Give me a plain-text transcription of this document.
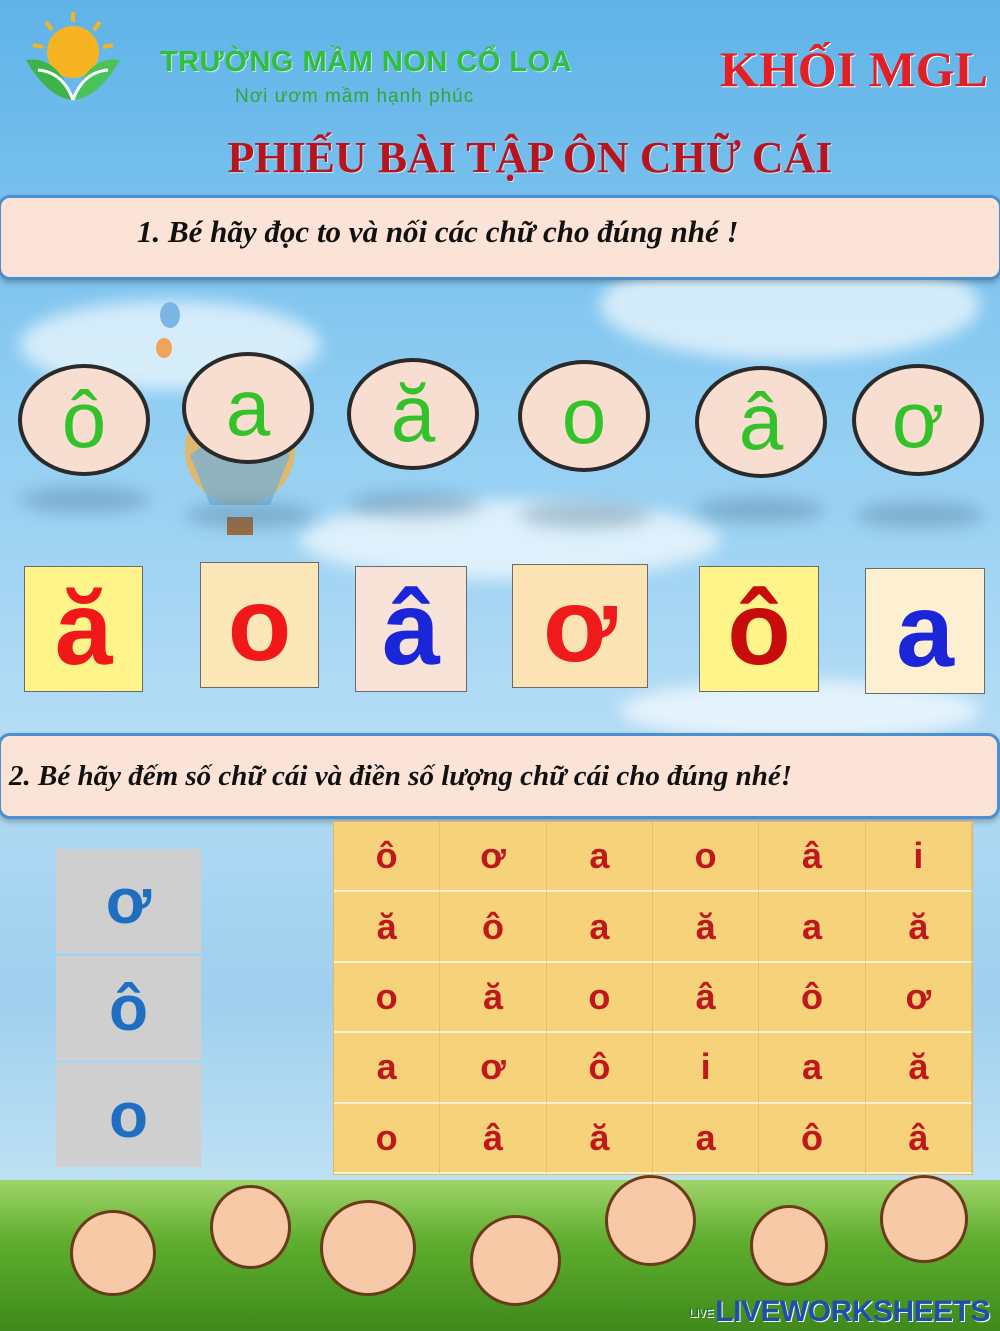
TRƯỜNG MẦM NON CỔ LOA
Nơi ươm mầm hạnh phúc	KHỐI MGL
PHIẾU BÀI TẬP ÔN CHỮ CÁI
1. Bé hãy đọc to và nối các chữ cho đúng nhé !
ô	a	ă	o	â	ơ
ă o â ơ ô a
2. Bé hãy đếm số chữ cái và điền số lượng chữ cái cho đúng nhé!
ơ
ô
o
ô	ơ	a	o	â	i
ă	ô	a	ă	a	ă
o	ă	o	â	ô	ơ
a	ơ	ô	i	a	ă
o	â	ă	a	ô	â
LIVELIVEWORKSHEETS
